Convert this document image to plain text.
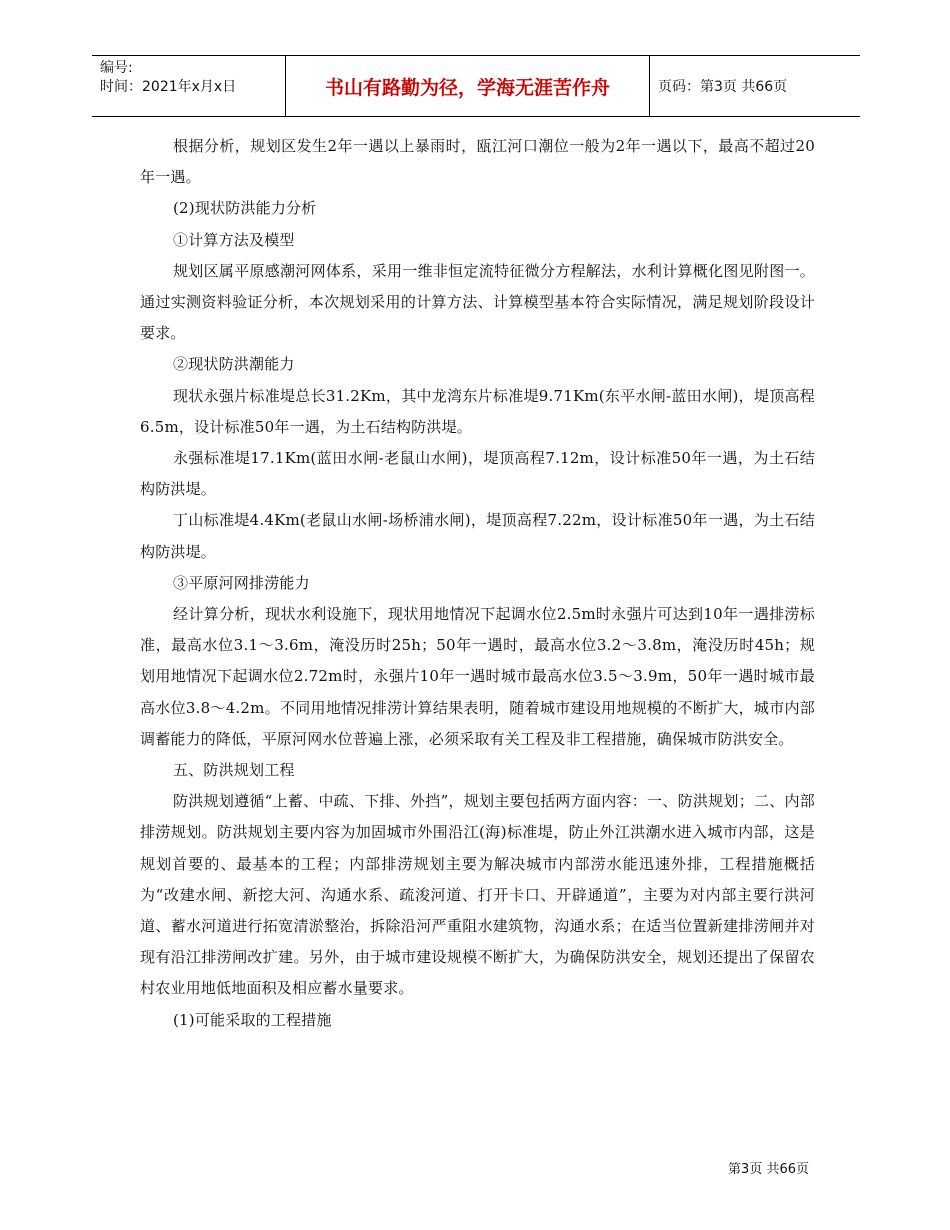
编号:
时间：2021年x月x日	书山有路勤为径，学海无涯苦作舟	页码：第3页 共66页

根据分析，规划区发生2年一遇以上暴雨时，瓯江河口潮位一般为2年一遇以下，最高不超过20年一遇。

(2)现状防洪能力分析

①计算方法及模型

规划区属平原感潮河网体系，采用一维非恒定流特征微分方程解法，水利计算概化图见附图一。通过实测资料验证分析，本次规划采用的计算方法、计算模型基本符合实际情况，满足规划阶段设计要求。

②现状防洪潮能力

现状永强片标准堤总长31.2Km，其中龙湾东片标准堤9.71Km(东平水闸-蓝田水闸)，堤顶高程6.5m，设计标准50年一遇，为土石结构防洪堤。

永强标准堤17.1Km(蓝田水闸-老鼠山水闸)，堤顶高程7.12m，设计标准50年一遇，为土石结构防洪堤。

丁山标准堤4.4Km(老鼠山水闸-场桥浦水闸)，堤顶高程7.22m，设计标准50年一遇，为土石结构防洪堤。

③平原河网排涝能力

经计算分析，现状水利设施下，现状用地情况下起调水位2.5m时永强片可达到10年一遇排涝标准，最高水位3.1～3.6m，淹没历时25h；50年一遇时，最高水位3.2～3.8m，淹没历时45h；规划用地情况下起调水位2.72m时，永强片10年一遇时城市最高水位3.5～3.9m，50年一遇时城市最高水位3.8～4.2m。不同用地情况排涝计算结果表明，随着城市建设用地规模的不断扩大，城市内部调蓄能力的降低，平原河网水位普遍上涨，必须采取有关工程及非工程措施，确保城市防洪安全。

五、防洪规划工程

防洪规划遵循“上蓄、中疏、下排、外挡”，规划主要包括两方面内容：一、防洪规划；二、内部排涝规划。防洪规划主要内容为加固城市外围沿江(海)标准堤，防止外江洪潮水进入城市内部，这是规划首要的、最基本的工程；内部排涝规划主要为解决城市内部涝水能迅速外排，工程措施概括为“改建水闸、新挖大河、沟通水系、疏浚河道、打开卡口、开辟通道”，主要为对内部主要行洪河道、蓄水河道进行拓宽清淤整治，拆除沿河严重阻水建筑物，沟通水系；在适当位置新建排涝闸并对现有沿江排涝闸改扩建。另外，由于城市建设规模不断扩大，为确保防洪安全，规划还提出了保留农村农业用地低地面积及相应蓄水量要求。

(1)可能采取的工程措施

第3页 共66页
